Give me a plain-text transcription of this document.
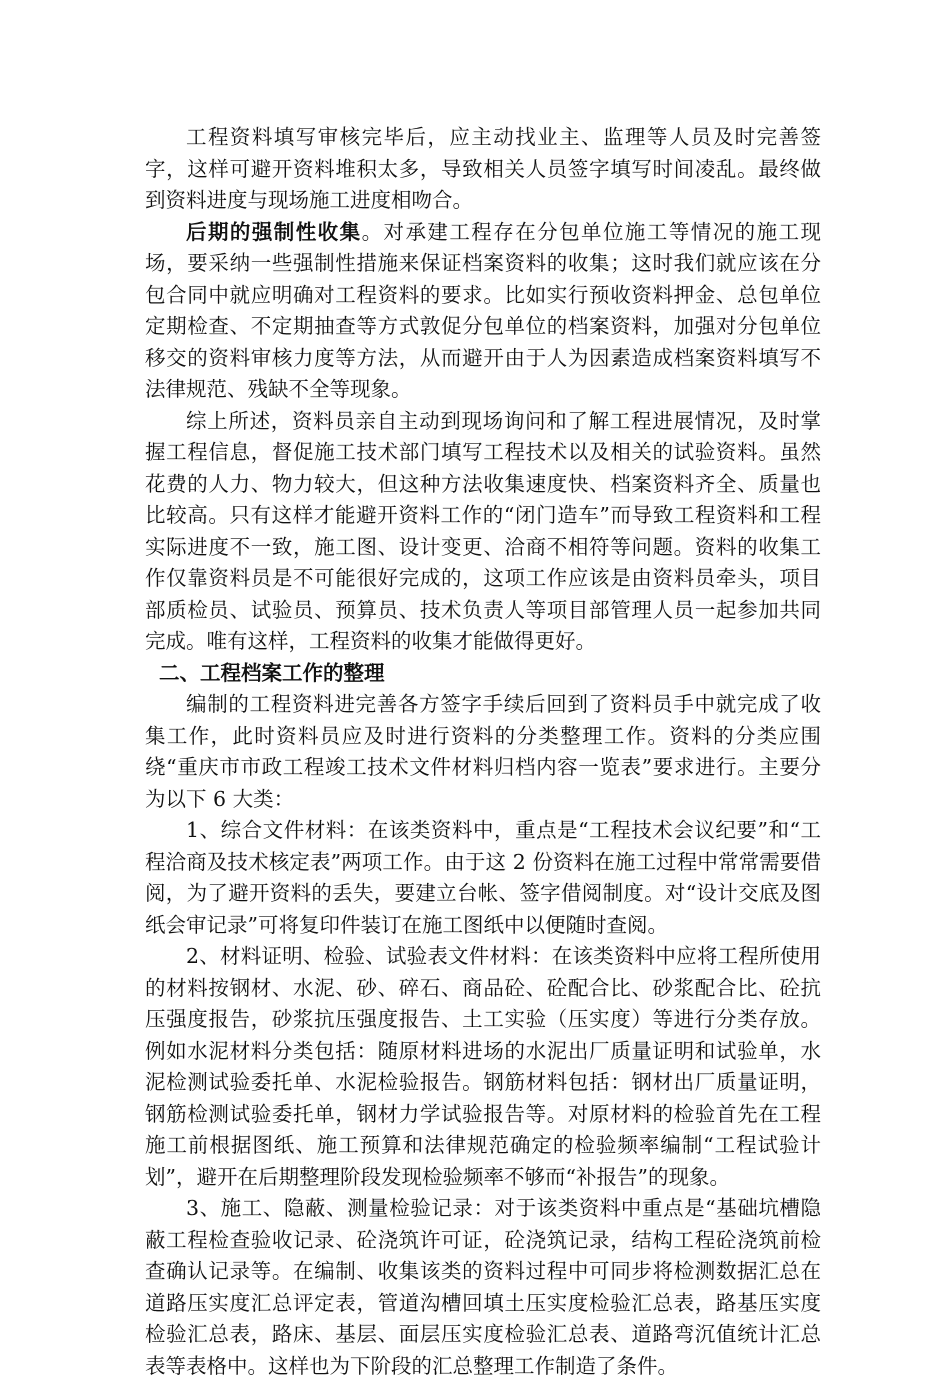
工程资料填写审核完毕后，应主动找业主、监理等人员及时完善签字，这样可避开资料堆积太多，导致相关人员签字填写时间凌乱。最终做到资料进度与现场施工进度相吻合。

后期的强制性收集。对承建工程存在分包单位施工等情况的施工现场，要采纳一些强制性措施来保证档案资料的收集；这时我们就应该在分包合同中就应明确对工程资料的要求。比如实行预收资料押金、总包单位定期检查、不定期抽查等方式敦促分包单位的档案资料，加强对分包单位移交的资料审核力度等方法，从而避开由于人为因素造成档案资料填写不法律规范、残缺不全等现象。

综上所述，资料员亲自主动到现场询问和了解工程进展情况，及时掌握工程信息，督促施工技术部门填写工程技术以及相关的试验资料。虽然花费的人力、物力较大，但这种方法收集速度快、档案资料齐全、质量也比较高。只有这样才能避开资料工作的“闭门造车”而导致工程资料和工程实际进度不一致，施工图、设计变更、洽商不相符等问题。资料的收集工作仅靠资料员是不可能很好完成的，这项工作应该是由资料员牵头，项目部质检员、试验员、预算员、技术负责人等项目部管理人员一起参加共同完成。唯有这样，工程资料的收集才能做得更好。

二、工程档案工作的整理

编制的工程资料进完善各方签字手续后回到了资料员手中就完成了收集工作，此时资料员应及时进行资料的分类整理工作。资料的分类应围绕“重庆市市政工程竣工技术文件材料归档内容一览表”要求进行。主要分为以下 6 大类：

1、综合文件材料：在该类资料中，重点是“工程技术会议纪要”和“工程洽商及技术核定表”两项工作。由于这 2 份资料在施工过程中常常需要借阅，为了避开资料的丢失，要建立台帐、签字借阅制度。对“设计交底及图纸会审记录”可将复印件装订在施工图纸中以便随时查阅。

2、材料证明、检验、试验表文件材料：在该类资料中应将工程所使用的材料按钢材、水泥、砂、碎石、商品砼、砼配合比、砂浆配合比、砼抗压强度报告，砂浆抗压强度报告、土工实验（压实度）等进行分类存放。例如水泥材料分类包括：随原材料进场的水泥出厂质量证明和试验单，水泥检测试验委托单、水泥检验报告。钢筋材料包括：钢材出厂质量证明，钢筋检测试验委托单，钢材力学试验报告等。对原材料的检验首先在工程施工前根据图纸、施工预算和法律规范确定的检验频率编制“工程试验计划”，避开在后期整理阶段发现检验频率不够而“补报告”的现象。

3、施工、隐蔽、测量检验记录：对于该类资料中重点是“基础坑槽隐蔽工程检查验收记录、砼浇筑许可证，砼浇筑记录，结构工程砼浇筑前检查确认记录等。在编制、收集该类的资料过程中可同步将检测数据汇总在道路压实度汇总评定表，管道沟槽回填土压实度检验汇总表，路基压实度检验汇总表，路床、基层、面层压实度检验汇总表、道路弯沉值统计汇总表等表格中。这样也为下阶段的汇总整理工作制造了条件。
